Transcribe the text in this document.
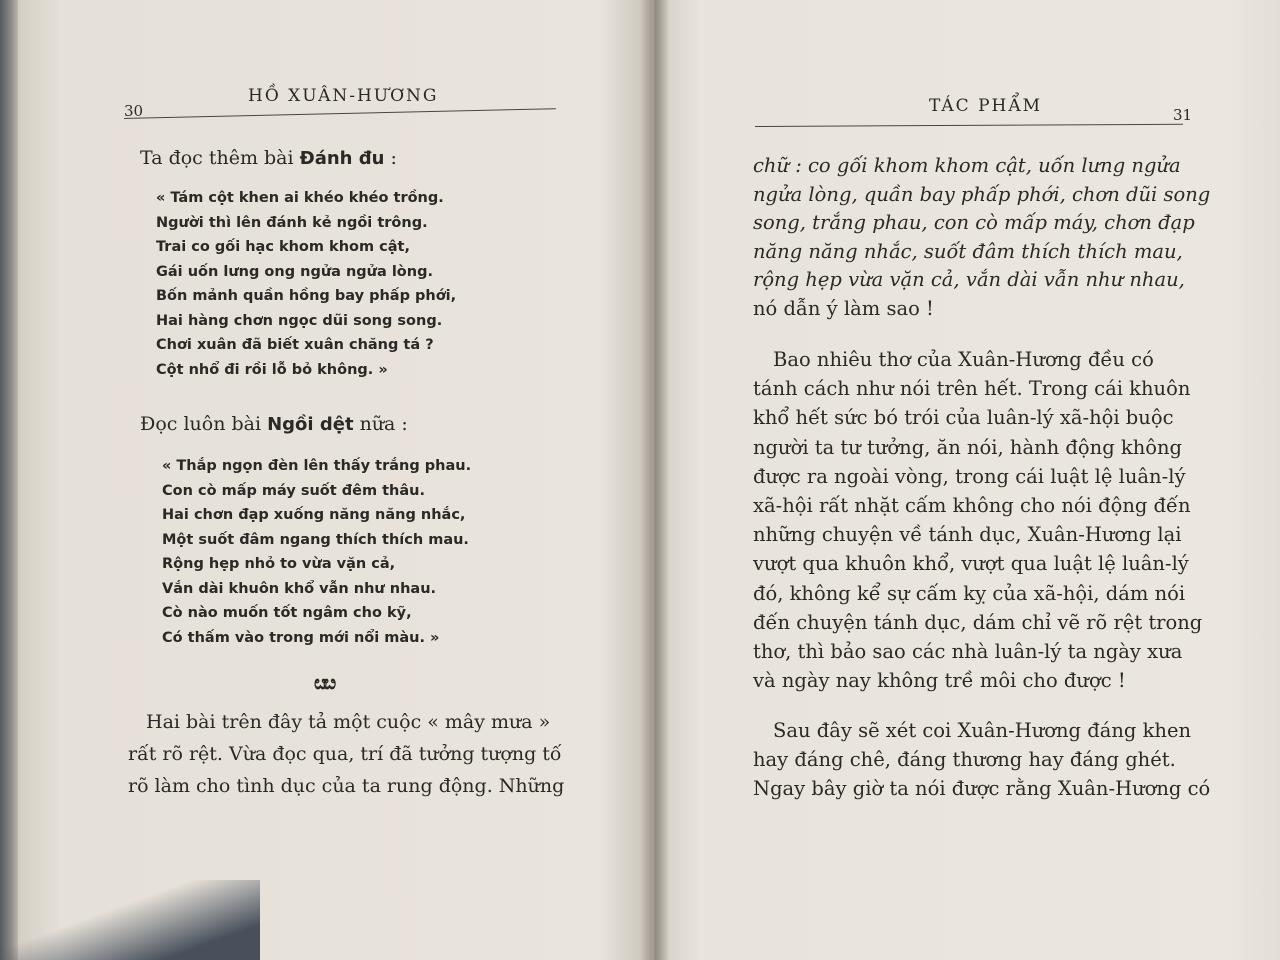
30
HỒ XUÂN-HƯƠNG

Ta đọc thêm bài Đánh đu :

« Tám cột khen ai khéo khéo trồng.
Người thì lên đánh kẻ ngồi trông.
Trai co gối hạc khom khom cật,
Gái uốn lưng ong ngửa ngửa lòng.
Bốn mảnh quần hồng bay phấp phới,
Hai hàng chơn ngọc dũi song song.
Chơi xuân đã biết xuân chăng tá ?
Cột nhổ đi rồi lỗ bỏ không. »

Đọc luôn bài Ngồi dệt nữa :

« Thắp ngọn đèn lên thấy trắng phau.
Con cò mấp máy suốt đêm thâu.
Hai chơn đạp xuống năng năng nhắc,
Một suốt đâm ngang thích thích mau.
Rộng hẹp nhỏ to vừa vặn cả,
Vắn dài khuôn khổ vẫn như nhau.
Cò nào muốn tốt ngâm cho kỹ,
Có thấm vào trong mới nổi màu. »
ೞೞ

Hai bài trên đây tả một cuộc « mây mưa »
rất rõ rệt. Vừa đọc qua, trí đã tưởng tượng tố
rõ làm cho tình dục của ta rung động. Những

TÁC PHẨM	31

chữ : co gối khom khom cật, uốn lưng ngửa
ngửa lòng, quần bay phấp phới, chơn dũi song
song, trắng phau, con cò mấp máy, chơn đạp
năng năng nhắc, suốt đâm thích thích mau,
rộng hẹp vừa vặn cả, vắn dài vẫn như nhau,
nó dẫn ý làm sao !

Bao nhiêu thơ của Xuân-Hương đều có
tánh cách như nói trên hết. Trong cái khuôn
khổ hết sức bó trói của luân-lý xã-hội buộc
người ta tư tưởng, ăn nói, hành động không
được ra ngoài vòng, trong cái luật lệ luân-lý
xã-hội rất nhặt cấm không cho nói động đến
những chuyện về tánh dục, Xuân-Hương lại
vượt qua khuôn khổ, vượt qua luật lệ luân-lý
đó, không kể sự cấm kỵ của xã-hội, dám nói
đến chuyện tánh dục, dám chỉ vẽ rõ rệt trong
thơ, thì bảo sao các nhà luân-lý ta ngày xưa
và ngày nay không trề môi cho được !

Sau đây sẽ xét coi Xuân-Hương đáng khen
hay đáng chê, đáng thương hay đáng ghét.
Ngay bây giờ ta nói được rằng Xuân-Hương có
